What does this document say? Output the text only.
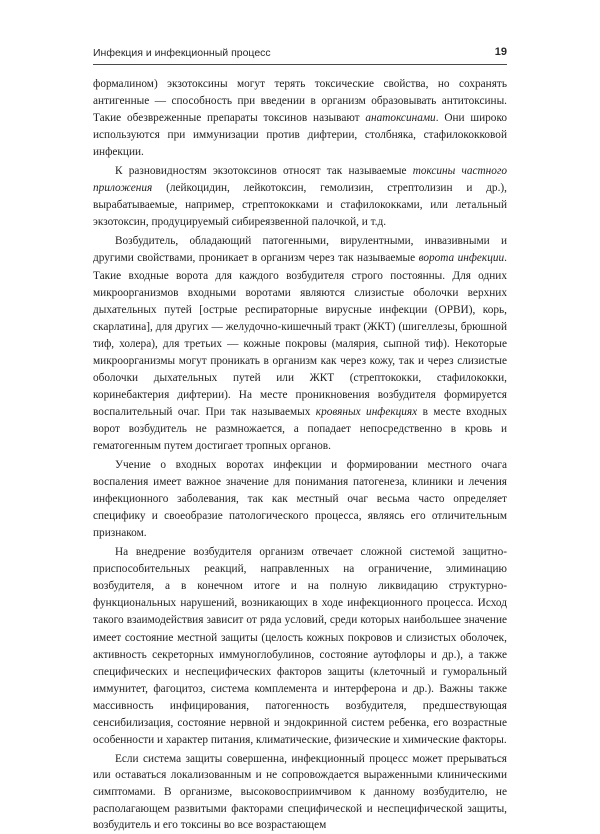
Инфекция и инфекционный процесс	19

формалином) экзотоксины могут терять токсические свойства, но сохранять антигенные — способность при введении в организм образовывать антитоксины. Такие обезвреженные препараты токсинов называют анатоксинами. Они широко используются при иммунизации против дифтерии, столбняка, стафилококковой инфекции.

К разновидностям экзотоксинов относят так называемые токсины частного приложения (лейкоцидин, лейкотоксин, гемолизин, стрептолизин и др.), вырабатываемые, например, стрептококками и стафилококками, или летальный экзотоксин, продуцируемый сибиреязвенной палочкой, и т.д.

Возбудитель, обладающий патогенными, вирулентными, инвазивными и другими свойствами, проникает в организм через так называемые ворота инфекции. Такие входные ворота для каждого возбудителя строго постоянны. Для одних микроорганизмов входными воротами являются слизистые оболочки верхних дыхательных путей [острые респираторные вирусные инфекции (ОРВИ), корь, скарлатина], для других — желудочно-кишечный тракт (ЖКТ) (шигеллезы, брюшной тиф, холера), для третьих — кожные покровы (малярия, сыпной тиф). Некоторые микроорганизмы могут проникать в организм как через кожу, так и через слизистые оболочки дыхательных путей или ЖКТ (стрептококки, стафилококки, коринебактерия дифтерии). На месте проникновения возбудителя формируется воспалительный очаг. При так называемых кровяных инфекциях в месте входных ворот возбудитель не размножается, а попадает непосредственно в кровь и гематогенным путем достигает тропных органов.

Учение о входных воротах инфекции и формировании местного очага воспаления имеет важное значение для понимания патогенеза, клиники и лечения инфекционного заболевания, так как местный очаг весьма часто определяет специфику и своеобразие патологического процесса, являясь его отличительным признаком.

На внедрение возбудителя организм отвечает сложной системой защитно-приспособительных реакций, направленных на ограничение, элиминацию возбудителя, а в конечном итоге и на полную ликвидацию структурно-функциональных нарушений, возникающих в ходе инфекционного процесса. Исход такого взаимодействия зависит от ряда условий, среди которых наибольшее значение имеет состояние местной защиты (целость кожных покровов и слизистых оболочек, активность секреторных иммуноглобулинов, состояние аутофлоры и др.), а также специфических и неспецифических факторов защиты (клеточный и гуморальный иммунитет, фагоцитоз, система комплемента и интерферона и др.). Важны также массивность инфицирования, патогенность возбудителя, предшествующая сенсибилизация, состояние нервной и эндокринной систем ребенка, его возрастные особенности и характер питания, климатические, физические и химические факторы.

Если система защиты совершенна, инфекционный процесс может прерываться или оставаться локализованным и не сопровождается выраженными клиническими симптомами. В организме, высоковосприимчивом к данному возбудителю, не располагающем развитыми факторами специфической и неспецифической защиты, возбудитель и его токсины во все возрастающем
